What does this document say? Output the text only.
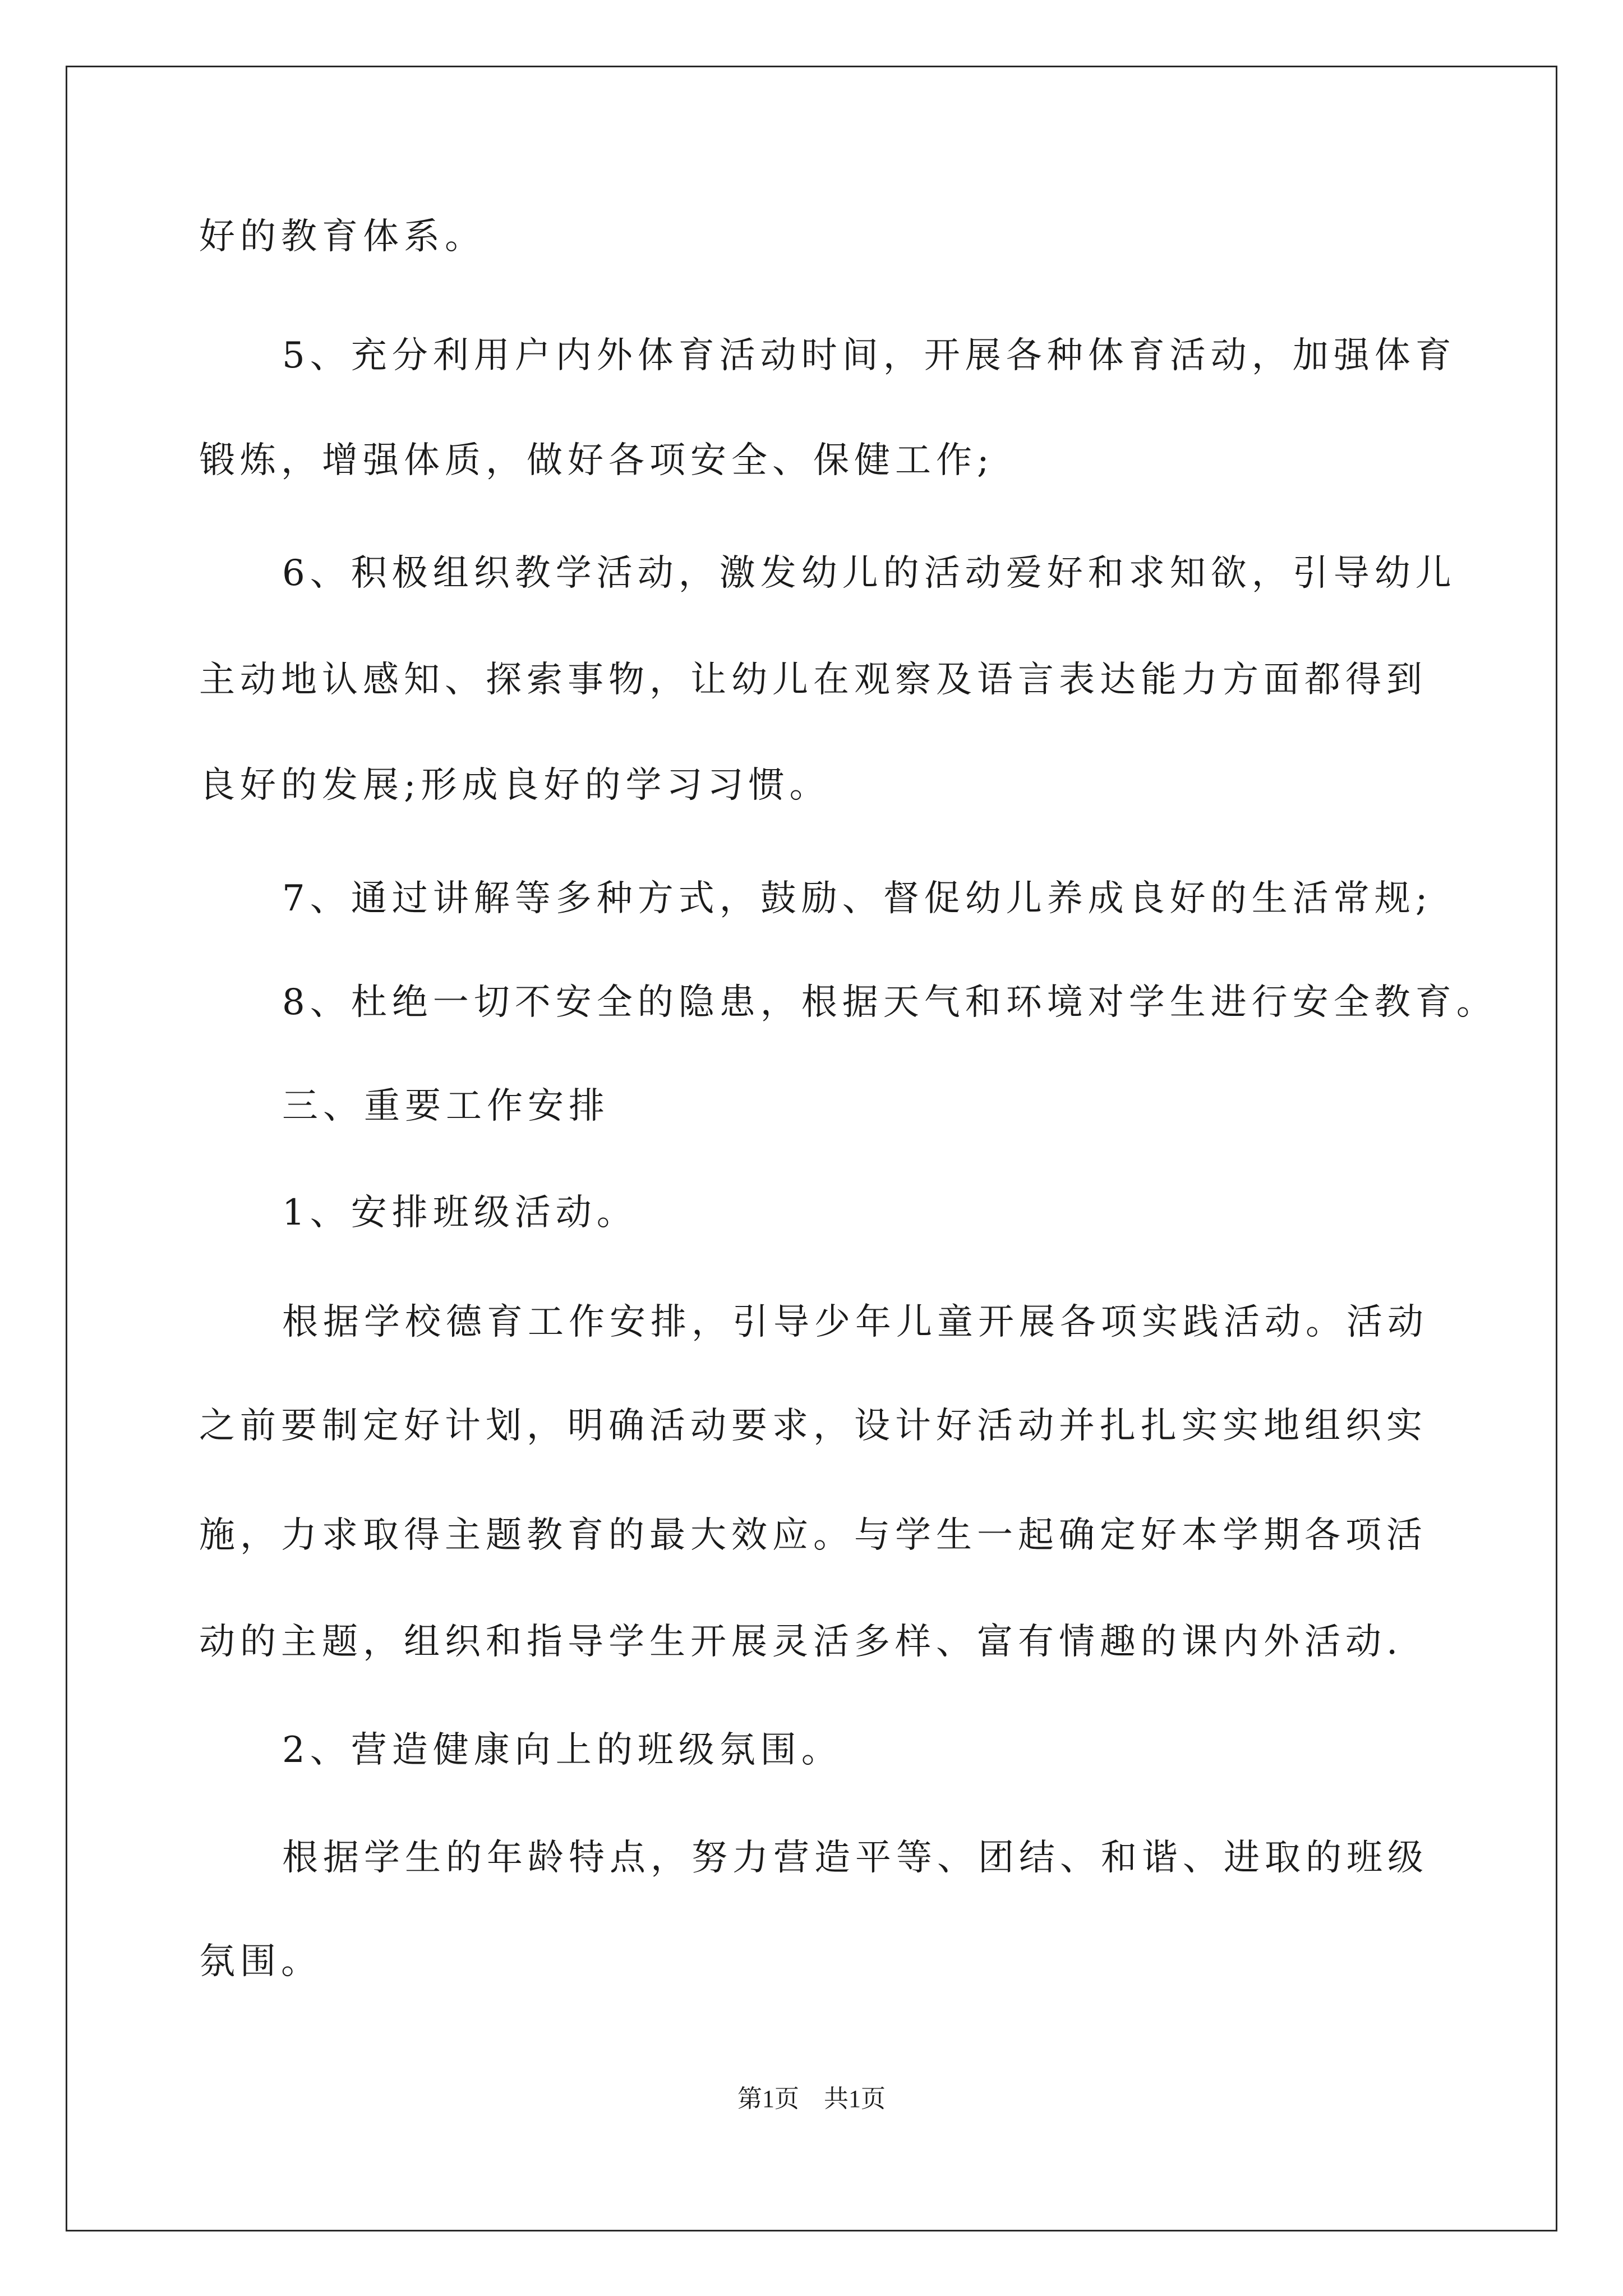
好的教育体系。
5、充分利用户内外体育活动时间，开展各种体育活动，加强体育
锻炼，增强体质，做好各项安全、保健工作;
6、积极组织教学活动，激发幼儿的活动爱好和求知欲，引导幼儿
主动地认感知、探索事物，让幼儿在观察及语言表达能力方面都得到
良好的发展;形成良好的学习习惯。
7、通过讲解等多种方式，鼓励、督促幼儿养成良好的生活常规;
8、杜绝一切不安全的隐患，根据天气和环境对学生进行安全教育。
三、重要工作安排
1、安排班级活动。
根据学校德育工作安排，引导少年儿童开展各项实践活动。活动
之前要制定好计划，明确活动要求，设计好活动并扎扎实实地组织实
施，力求取得主题教育的最大效应。与学生一起确定好本学期各项活
动的主题，组织和指导学生开展灵活多样、富有情趣的课内外活动.
2、营造健康向上的班级氛围。
根据学生的年龄特点，努力营造平等、团结、和谐、进取的班级
氛围。
第1页　共1页
